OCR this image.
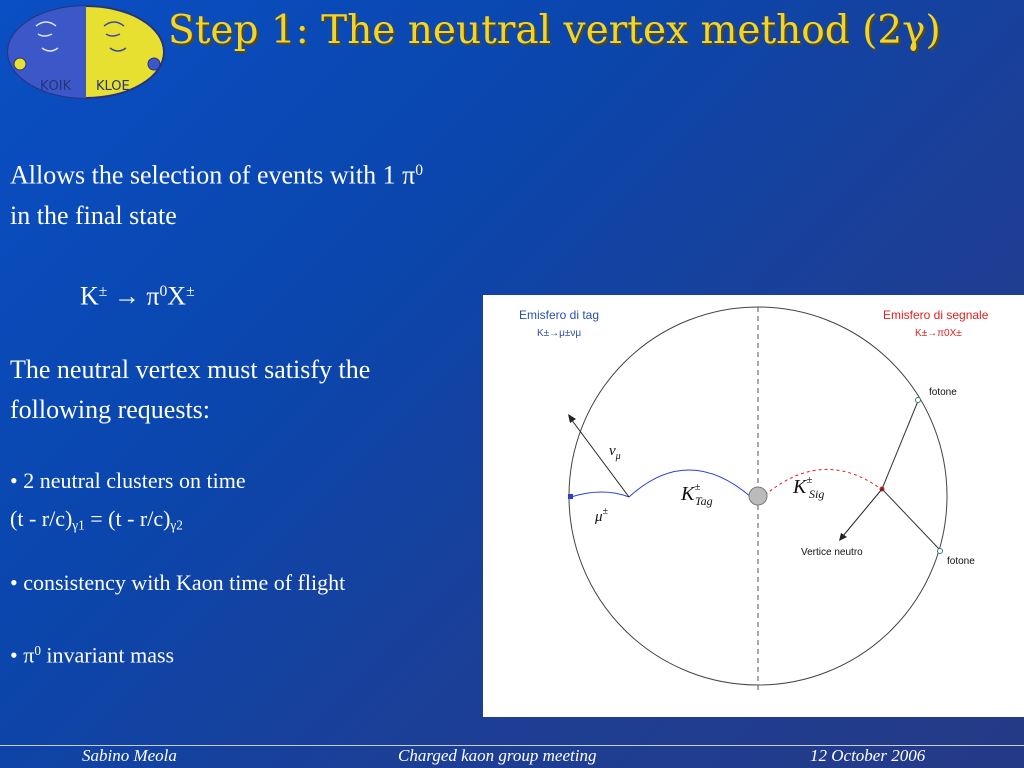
ΚΟΙΚ KLOE
Step 1: The neutral vertex method (2γ)
Allows the selection of events with 1 $\pi^0$
in the final state
$K^\pm \to \pi^0X^\pm$
The neutral vertex must satisfy the
following requests:
• 2 neutral clusters on time
$(t - r/c)_{\gamma 1} = (t - r/c)_{\gamma 2}$
• consistency with Kaon time of flight
• $\pi^0$ invariant mass
Emisfero di tag
K±→μ±νμ
Emisfero di segnale
K±→π0X±
fotone
fotone
Vertice neutro
$\nu_\mu$
μ±
K± Tag
K± Sig
Sabino Meola	Charged kaon group meeting	12 October 2006
